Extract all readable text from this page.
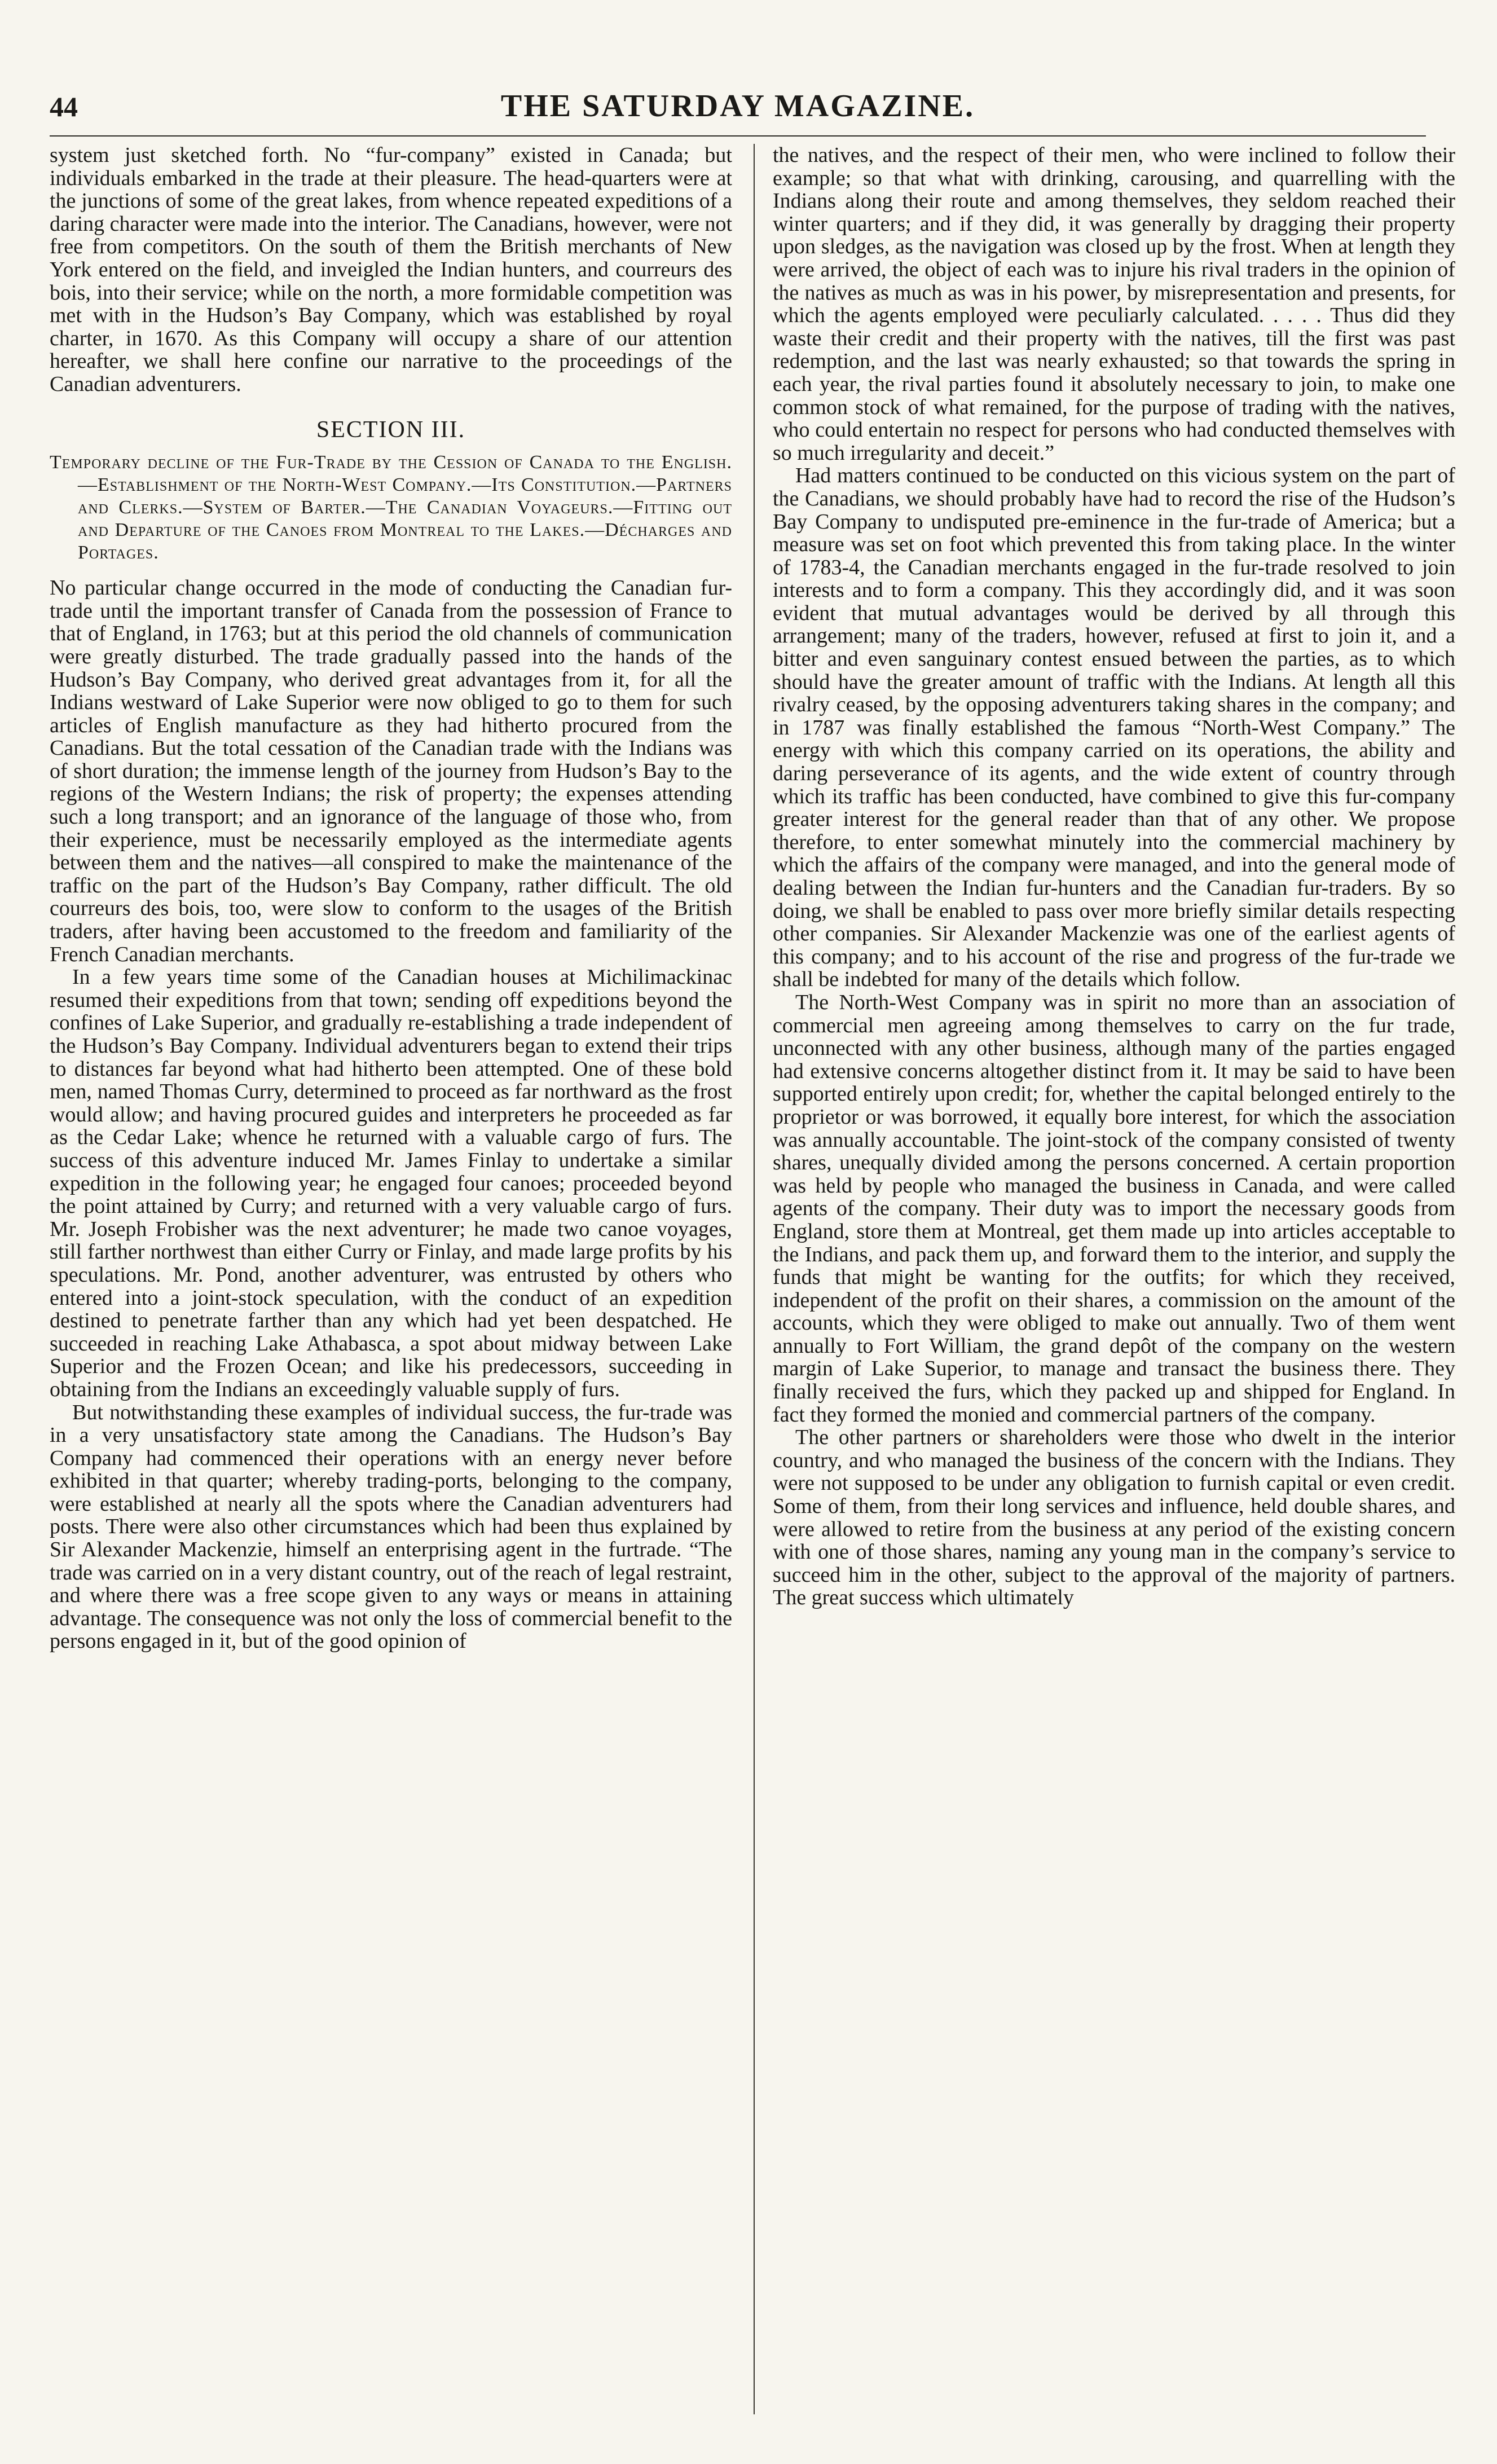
44	THE SATURDAY MAGAZINE.

system just sketched forth. No “fur-company” existed in Canada; but individuals embarked in the trade at their pleasure. The head-quarters were at the junctions of some of the great lakes, from whence repeated expeditions of a daring character were made into the interior. The Canadians, however, were not free from competitors. On the south of them the British merchants of New York entered on the field, and inveigled the Indian hunters, and courreurs des bois, into their service; while on the north, a more formidable competition was met with in the Hudson’s Bay Company, which was established by royal charter, in 1670. As this Company will occupy a share of our attention hereafter, we shall here confine our narrative to the proceedings of the Canadian adventurers.

SECTION III.
Temporary decline of the Fur-Trade by the Cession of Canada to the English.—Establishment of the North-West Company.—Its Constitution.—Partners and Clerks.—System of Barter.—The Canadian Voyageurs.—Fitting out and Departure of the Canoes from Montreal to the Lakes.—Décharges and Portages.

No particular change occurred in the mode of conducting the Canadian fur-trade until the important transfer of Canada from the possession of France to that of England, in 1763; but at this period the old channels of communication were greatly disturbed. The trade gradually passed into the hands of the Hudson’s Bay Company, who derived great advantages from it, for all the Indians westward of Lake Superior were now obliged to go to them for such articles of English manufacture as they had hitherto procured from the Canadians. But the total cessation of the Canadian trade with the Indians was of short duration; the immense length of the journey from Hudson’s Bay to the regions of the Western Indians; the risk of property; the expenses attending such a long transport; and an ignorance of the language of those who, from their experience, must be necessarily employed as the intermediate agents between them and the natives—all conspired to make the maintenance of the traffic on the part of the Hudson’s Bay Company, rather difficult. The old courreurs des bois, too, were slow to conform to the usages of the British traders, after having been accustomed to the freedom and familiarity of the French Canadian merchants.

In a few years time some of the Canadian houses at Michilimackinac resumed their expeditions from that town; sending off expeditions beyond the confines of Lake Superior, and gradually re-establishing a trade independent of the Hudson’s Bay Company. Individual adventurers began to extend their trips to distances far beyond what had hitherto been attempted. One of these bold men, named Thomas Curry, determined to proceed as far northward as the frost would allow; and having procured guides and interpreters he proceeded as far as the Cedar Lake; whence he returned with a valuable cargo of furs. The success of this adventure induced Mr. James Finlay to undertake a similar expedition in the following year; he engaged four canoes; proceeded beyond the point attained by Curry; and returned with a very valuable cargo of furs. Mr. Joseph Frobisher was the next adventurer; he made two canoe voyages, still farther northwest than either Curry or Finlay, and made large profits by his speculations. Mr. Pond, another adventurer, was entrusted by others who entered into a joint-stock speculation, with the conduct of an expedition destined to penetrate farther than any which had yet been despatched. He succeeded in reaching Lake Athabasca, a spot about midway between Lake Superior and the Frozen Ocean; and like his predecessors, succeeding in obtaining from the Indians an exceedingly valuable supply of furs.

But notwithstanding these examples of individual success, the fur-trade was in a very unsatisfactory state among the Canadians. The Hudson’s Bay Company had commenced their operations with an energy never before exhibited in that quarter; whereby trading-ports, belonging to the company, were established at nearly all the spots where the Canadian adventurers had posts. There were also other circumstances which had been thus explained by Sir Alexander Mackenzie, himself an enterprising agent in the furtrade. “The trade was carried on in a very distant country, out of the reach of legal restraint, and where there was a free scope given to any ways or means in attaining advantage. The consequence was not only the loss of commercial benefit to the persons engaged in it, but of the good opinion of

the natives, and the respect of their men, who were inclined to follow their example; so that what with drinking, carousing, and quarrelling with the Indians along their route and among themselves, they seldom reached their winter quarters; and if they did, it was generally by dragging their property upon sledges, as the navigation was closed up by the frost. When at length they were arrived, the object of each was to injure his rival traders in the opinion of the natives as much as was in his power, by misrepresentation and presents, for which the agents employed were peculiarly calculated. . . . . Thus did they waste their credit and their property with the natives, till the first was past redemption, and the last was nearly exhausted; so that towards the spring in each year, the rival parties found it absolutely necessary to join, to make one common stock of what remained, for the purpose of trading with the natives, who could entertain no respect for persons who had conducted themselves with so much irregularity and deceit.”

Had matters continued to be conducted on this vicious system on the part of the Canadians, we should probably have had to record the rise of the Hudson’s Bay Company to undisputed pre-eminence in the fur-trade of America; but a measure was set on foot which prevented this from taking place. In the winter of 1783-4, the Canadian merchants engaged in the fur-trade resolved to join interests and to form a company. This they accordingly did, and it was soon evident that mutual advantages would be derived by all through this arrangement; many of the traders, however, refused at first to join it, and a bitter and even sanguinary contest ensued between the parties, as to which should have the greater amount of traffic with the Indians. At length all this rivalry ceased, by the opposing adventurers taking shares in the company; and in 1787 was finally established the famous “North-West Company.” The energy with which this company carried on its operations, the ability and daring perseverance of its agents, and the wide extent of country through which its traffic has been conducted, have combined to give this fur-company greater interest for the general reader than that of any other. We propose therefore, to enter somewhat minutely into the commercial machinery by which the affairs of the company were managed, and into the general mode of dealing between the Indian fur-hunters and the Canadian fur-traders. By so doing, we shall be enabled to pass over more briefly similar details respecting other companies. Sir Alexander Mackenzie was one of the earliest agents of this company; and to his account of the rise and progress of the fur-trade we shall be indebted for many of the details which follow.

The North-West Company was in spirit no more than an association of commercial men agreeing among themselves to carry on the fur trade, unconnected with any other business, although many of the parties engaged had extensive concerns altogether distinct from it. It may be said to have been supported entirely upon credit; for, whether the capital belonged entirely to the proprietor or was borrowed, it equally bore interest, for which the association was annually accountable. The joint-stock of the company consisted of twenty shares, unequally divided among the persons concerned. A certain proportion was held by people who managed the business in Canada, and were called agents of the company. Their duty was to import the necessary goods from England, store them at Montreal, get them made up into articles acceptable to the Indians, and pack them up, and forward them to the interior, and supply the funds that might be wanting for the outfits; for which they received, independent of the profit on their shares, a commission on the amount of the accounts, which they were obliged to make out annually. Two of them went annually to Fort William, the grand depôt of the company on the western margin of Lake Superior, to manage and transact the business there. They finally received the furs, which they packed up and shipped for England. In fact they formed the monied and commercial partners of the company.

The other partners or shareholders were those who dwelt in the interior country, and who managed the business of the concern with the Indians. They were not supposed to be under any obligation to furnish capital or even credit. Some of them, from their long services and influence, held double shares, and were allowed to retire from the business at any period of the existing concern with one of those shares, naming any young man in the company’s service to succeed him in the other, subject to the approval of the majority of partners. The great success which ultimately
